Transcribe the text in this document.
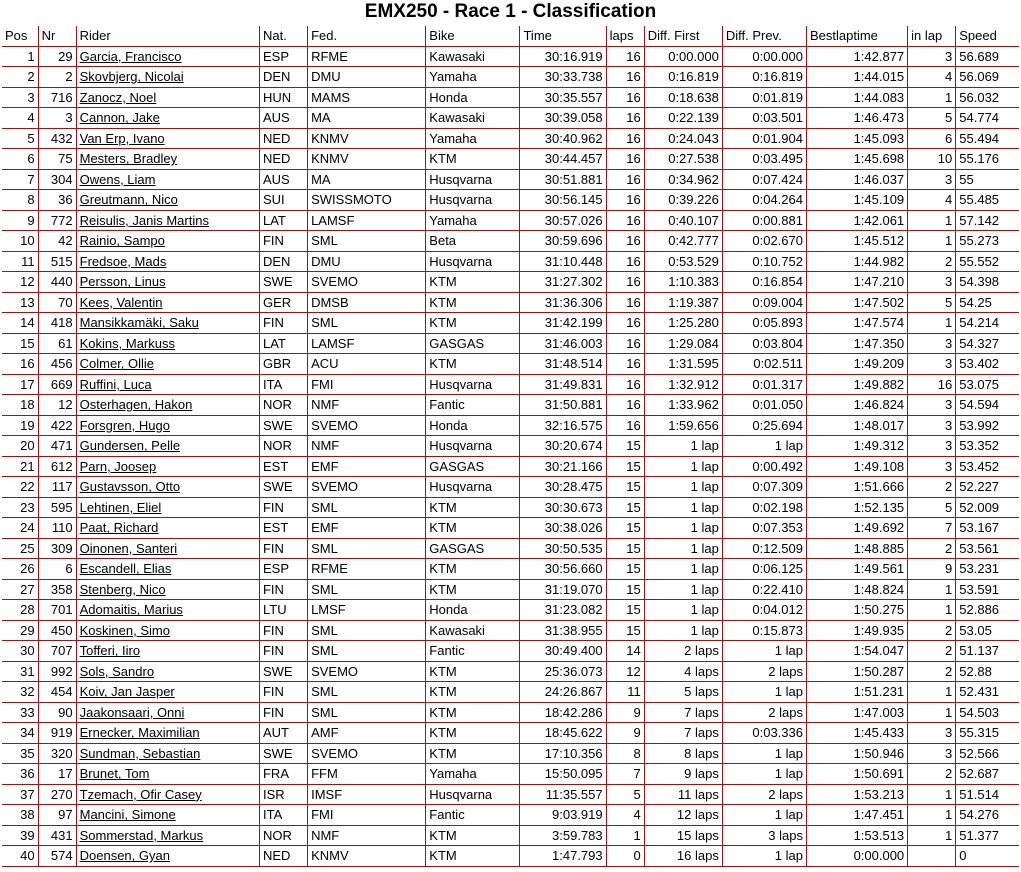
EMX250 - Race 1 - Classification
Pos	Nr	Rider	Nat.	Fed.	Bike	Time	laps	Diff. First	Diff. Prev.	Bestlaptime	in lap	Speed
1	29	Garcia, Francisco	ESP	RFME	Kawasaki	30:16.919	16	0:00.000	0:00.000	1:42.877	3	56.689
2	2	Skovbjerg, Nicolai	DEN	DMU	Yamaha	30:33.738	16	0:16.819	0:16.819	1:44.015	4	56.069
3	716	Zanocz, Noel	HUN	MAMS	Honda	30:35.557	16	0:18.638	0:01.819	1:44.083	1	56.032
4	3	Cannon, Jake	AUS	MA	Kawasaki	30:39.058	16	0:22.139	0:03.501	1:46.473	5	54.774
5	432	Van Erp, Ivano	NED	KNMV	Yamaha	30:40.962	16	0:24.043	0:01.904	1:45.093	6	55.494
6	75	Mesters, Bradley	NED	KNMV	KTM	30:44.457	16	0:27.538	0:03.495	1:45.698	10	55.176
7	304	Owens, Liam	AUS	MA	Husqvarna	30:51.881	16	0:34.962	0:07.424	1:46.037	3	55
8	36	Greutmann, Nico	SUI	SWISSMOTO	Husqvarna	30:56.145	16	0:39.226	0:04.264	1:45.109	4	55.485
9	772	Reisulis, Janis Martins	LAT	LAMSF	Yamaha	30:57.026	16	0:40.107	0:00.881	1:42.061	1	57.142
10	42	Rainio, Sampo	FIN	SML	Beta	30:59.696	16	0:42.777	0:02.670	1:45.512	1	55.273
11	515	Fredsoe, Mads	DEN	DMU	Husqvarna	31:10.448	16	0:53.529	0:10.752	1:44.982	2	55.552
12	440	Persson, Linus	SWE	SVEMO	KTM	31:27.302	16	1:10.383	0:16.854	1:47.210	3	54.398
13	70	Kees, Valentin	GER	DMSB	KTM	31:36.306	16	1:19.387	0:09.004	1:47.502	5	54.25
14	418	Mansikkamäki, Saku	FIN	SML	KTM	31:42.199	16	1:25.280	0:05.893	1:47.574	1	54.214
15	61	Kokins, Markuss	LAT	LAMSF	GASGAS	31:46.003	16	1:29.084	0:03.804	1:47.350	3	54.327
16	456	Colmer, Ollie	GBR	ACU	KTM	31:48.514	16	1:31.595	0:02.511	1:49.209	3	53.402
17	669	Ruffini, Luca	ITA	FMI	Husqvarna	31:49.831	16	1:32.912	0:01.317	1:49.882	16	53.075
18	12	Osterhagen, Hakon	NOR	NMF	Fantic	31:50.881	16	1:33.962	0:01.050	1:46.824	3	54.594
19	422	Forsgren, Hugo	SWE	SVEMO	Honda	32:16.575	16	1:59.656	0:25.694	1:48.017	3	53.992
20	471	Gundersen, Pelle	NOR	NMF	Husqvarna	30:20.674	15	1 lap	1 lap	1:49.312	3	53.352
21	612	Parn, Joosep	EST	EMF	GASGAS	30:21.166	15	1 lap	0:00.492	1:49.108	3	53.452
22	117	Gustavsson, Otto	SWE	SVEMO	Husqvarna	30:28.475	15	1 lap	0:07.309	1:51.666	2	52.227
23	595	Lehtinen, Eliel	FIN	SML	KTM	30:30.673	15	1 lap	0:02.198	1:52.135	5	52.009
24	110	Paat, Richard	EST	EMF	KTM	30:38.026	15	1 lap	0:07.353	1:49.692	7	53.167
25	309	Oinonen, Santeri	FIN	SML	GASGAS	30:50.535	15	1 lap	0:12.509	1:48.885	2	53.561
26	6	Escandell, Elias	ESP	RFME	KTM	30:56.660	15	1 lap	0:06.125	1:49.561	9	53.231
27	358	Stenberg, Nico	FIN	SML	KTM	31:19.070	15	1 lap	0:22.410	1:48.824	1	53.591
28	701	Adomaitis, Marius	LTU	LMSF	Honda	31:23.082	15	1 lap	0:04.012	1:50.275	1	52.886
29	450	Koskinen, Simo	FIN	SML	Kawasaki	31:38.955	15	1 lap	0:15.873	1:49.935	2	53.05
30	707	Tofferi, Iiro	FIN	SML	Fantic	30:49.400	14	2 laps	1 lap	1:54.047	2	51.137
31	992	Sols, Sandro	SWE	SVEMO	KTM	25:36.073	12	4 laps	2 laps	1:50.287	2	52.88
32	454	Koiv, Jan Jasper	FIN	SML	KTM	24:26.867	11	5 laps	1 lap	1:51.231	1	52.431
33	90	Jaakonsaari, Onni	FIN	SML	KTM	18:42.286	9	7 laps	2 laps	1:47.003	1	54.503
34	919	Ernecker, Maximilian	AUT	AMF	KTM	18:45.622	9	7 laps	0:03.336	1:45.433	3	55.315
35	320	Sundman, Sebastian	SWE	SVEMO	KTM	17:10.356	8	8 laps	1 lap	1:50.946	3	52.566
36	17	Brunet, Tom	FRA	FFM	Yamaha	15:50.095	7	9 laps	1 lap	1:50.691	2	52.687
37	270	Tzemach, Ofir Casey	ISR	IMSF	Husqvarna	11:35.557	5	11 laps	2 laps	1:53.213	1	51.514
38	97	Mancini, Simone	ITA	FMI	Fantic	9:03.919	4	12 laps	1 lap	1:47.451	1	54.276
39	431	Sommerstad, Markus	NOR	NMF	KTM	3:59.783	1	15 laps	3 laps	1:53.513	1	51.377
40	574	Doensen, Gyan	NED	KNMV	KTM	1:47.793	0	16 laps	1 lap	0:00.000		0
